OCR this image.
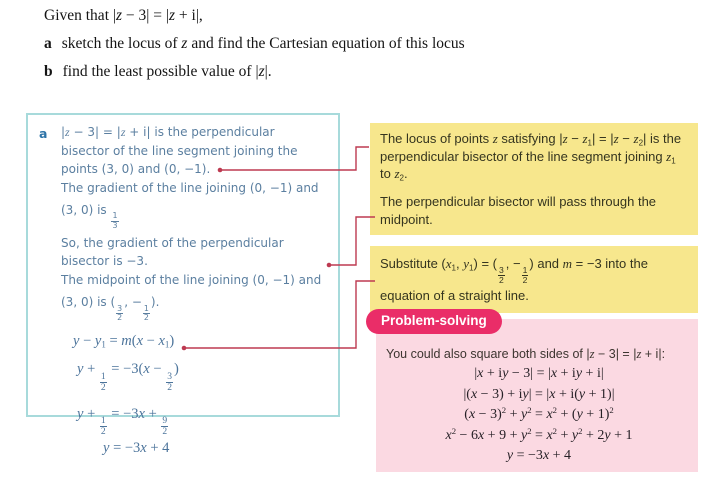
Given that |z − 3| = |z + i|,
a sketch the locus of z and find the Cartesian equation of this locus
b find the least possible value of |z|.
a |z − 3| = |z + i| is the perpendicular
bisector of the line segment joining the
points (3, 0) and (0, −1).
The gradient of the line joining (0, −1) and
(3, 0) is
$\frac{1}{3}$
So, the gradient of the perpendicular
bisector is −3.
The midpoint of the line joining (0, −1) and
(3, 0) is (
$\frac{3}{2}$
, −
$\frac{1}{2}$
).
$y - y_1 = m(x - x_1)$
y +
$\frac{1}{2}$
= −3(x −
$\frac{3}{2}$
)
y +
$\frac{1}{2}$
= −3x +
$\frac{9}{2}$
y = −3x + 4
The locus of points z satisfying $|z - z_1| = |z - z_2|$ is the perpendicular bisector of the line segment joining $z_1$ to $z_2$.
The perpendicular bisector will pass through the midpoint.
Substitute ($x_1$, $y_1$) = (
$\frac{3}{2}$
, −
$\frac{1}{2}$
) and m = −3 into the equation of a straight line.
Problem-solving
You could also square both sides of |z − 3| = |z + i|:
|x + iy − 3| = |x + iy + i|
|(x − 3) + iy| = |x + i(y + 1)|
$(x - 3)^2 + y^2 = x^2 + (y + 1)^2$
$x^2 - 6x + 9 + y^2 = x^2 + y^2 + 2y + 1$
y = −3x + 4
